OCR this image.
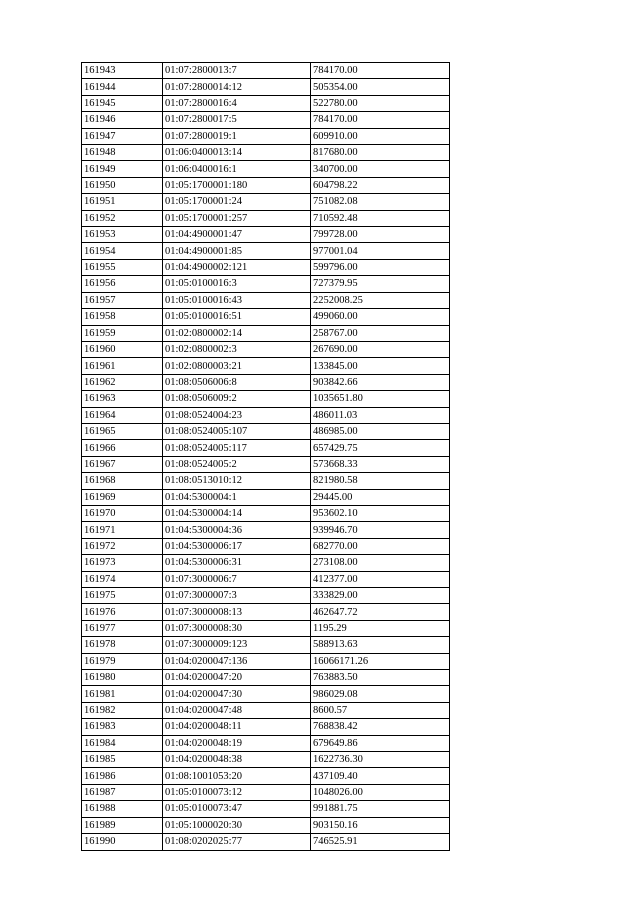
161943	01:07:2800013:7	784170.00
161944	01:07:2800014:12	505354.00
161945	01:07:2800016:4	522780.00
161946	01:07:2800017:5	784170.00
161947	01:07:2800019:1	609910.00
161948	01:06:0400013:14	817680.00
161949	01:06:0400016:1	340700.00
161950	01:05:1700001:180	604798.22
161951	01:05:1700001:24	751082.08
161952	01:05:1700001:257	710592.48
161953	01:04:4900001:47	799728.00
161954	01:04:4900001:85	977001.04
161955	01:04:4900002:121	599796.00
161956	01:05:0100016:3	727379.95
161957	01:05:0100016:43	2252008.25
161958	01:05:0100016:51	499060.00
161959	01:02:0800002:14	258767.00
161960	01:02:0800002:3	267690.00
161961	01:02:0800003:21	133845.00
161962	01:08:0506006:8	903842.66
161963	01:08:0506009:2	1035651.80
161964	01:08:0524004:23	486011.03
161965	01:08:0524005:107	486985.00
161966	01:08:0524005:117	657429.75
161967	01:08:0524005:2	573668.33
161968	01:08:0513010:12	821980.58
161969	01:04:5300004:1	29445.00
161970	01:04:5300004:14	953602.10
161971	01:04:5300004:36	939946.70
161972	01:04:5300006:17	682770.00
161973	01:04:5300006:31	273108.00
161974	01:07:3000006:7	412377.00
161975	01:07:3000007:3	333829.00
161976	01:07:3000008:13	462647.72
161977	01:07:3000008:30	1195.29
161978	01:07:3000009:123	588913.63
161979	01:04:0200047:136	16066171.26
161980	01:04:0200047:20	763883.50
161981	01:04:0200047:30	986029.08
161982	01:04:0200047:48	8600.57
161983	01:04:0200048:11	768838.42
161984	01:04:0200048:19	679649.86
161985	01:04:0200048:38	1622736.30
161986	01:08:1001053:20	437109.40
161987	01:05:0100073:12	1048026.00
161988	01:05:0100073:47	991881.75
161989	01:05:1000020:30	903150.16
161990	01:08:0202025:77	746525.91
